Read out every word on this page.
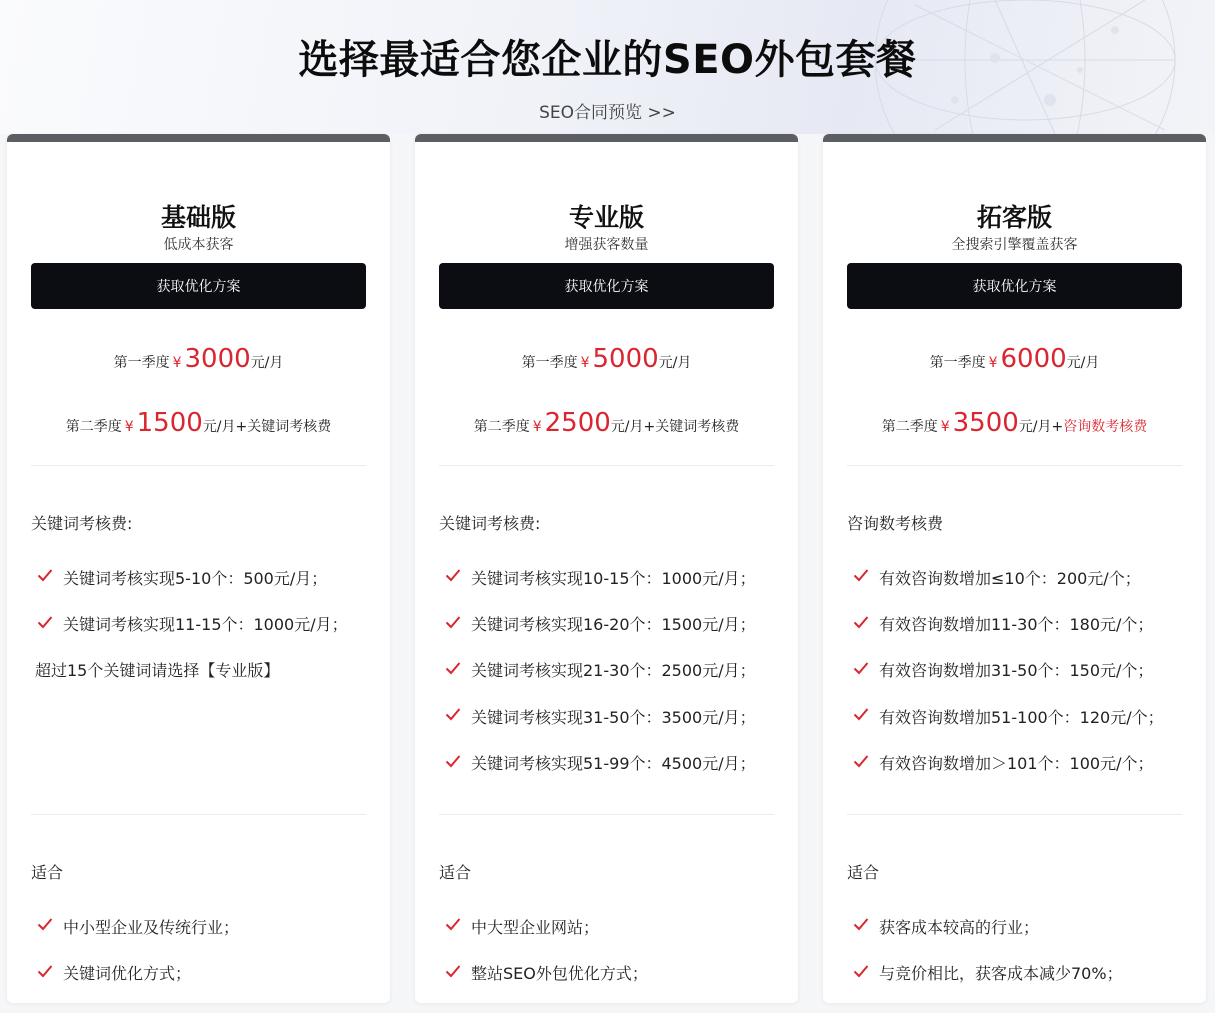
选择最适合您企业的SEO外包套餐
SEO合同预览 >>
基础版
低成本获客
获取优化方案
第一季度 ¥ 3000元/月
第二季度 ¥ 1500元/月+关键词考核费
关键词考核费:
关键词考核实现5-10个：500元/月；
关键词考核实现11-15个：1000元/月；
超过15个关键词请选择【专业版】
适合
中小型企业及传统行业；
关键词优化方式；
专业版
增强获客数量
获取优化方案
第一季度 ¥ 5000元/月
第二季度 ¥ 2500元/月+关键词考核费
关键词考核费:
关键词考核实现10-15个：1000元/月；
关键词考核实现16-20个：1500元/月；
关键词考核实现21-30个：2500元/月；
关键词考核实现31-50个：3500元/月；
关键词考核实现51-99个：4500元/月；
适合
中大型企业网站；
整站SEO外包优化方式；
拓客版
全搜索引擎覆盖获客
获取优化方案
第一季度 ¥ 6000元/月
第二季度 ¥ 3500元/月+咨询数考核费
咨询数考核费
有效咨询数增加≤10个：200元/个；
有效咨询数增加11-30个：180元/个；
有效咨询数增加31-50个：150元/个；
有效咨询数增加51-100个：120元/个；
有效咨询数增加＞101个：100元/个；
适合
获客成本较高的行业；
与竞价相比，获客成本减少70%；
